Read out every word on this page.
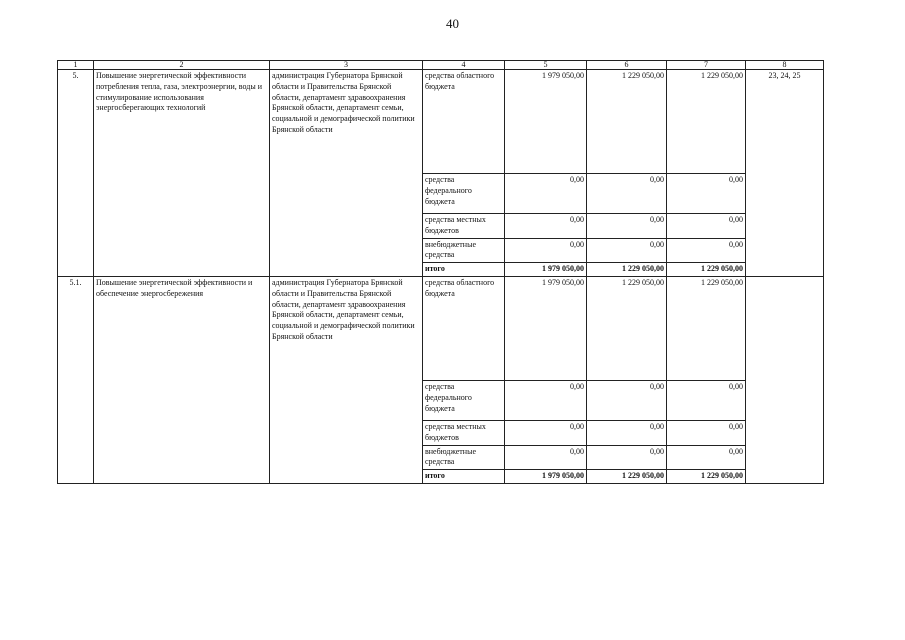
40
1	2	3	4	5	6	7	8
5.	Повышение энергетической эффективности потребления тепла, газа, электроэнергии, воды и стимулирование использования энергосберегающих технологий	администрация Губернатора Брянской области и Правительства Брянской области, департамент здравоохранения Брянской области, департамент семьи, социальной и демографической политики Брянской области	средства областного бюджета	1 979 050,00	1 229 050,00	1 229 050,00	23, 24, 25
			средства федерального бюджета	0,00	0,00	0,00	
			средства местных бюджетов	0,00	0,00	0,00	
			внебюджетные средства	0,00	0,00	0,00	
			итого	1 979 050,00	1 229 050,00	1 229 050,00	
5.1.	Повышение энергетической эффективности и обеспечение энергосбережения	администрация Губернатора Брянской области и Правительства Брянской области, департамент здравоохранения Брянской области, департамент семьи, социальной и демографической политики Брянской области	средства областного бюджета	1 979 050,00	1 229 050,00	1 229 050,00	
			средства федерального бюджета	0,00	0,00	0,00	
			средства местных бюджетов	0,00	0,00	0,00	
			внебюджетные средства	0,00	0,00	0,00	
			итого	1 979 050,00	1 229 050,00	1 229 050,00	
